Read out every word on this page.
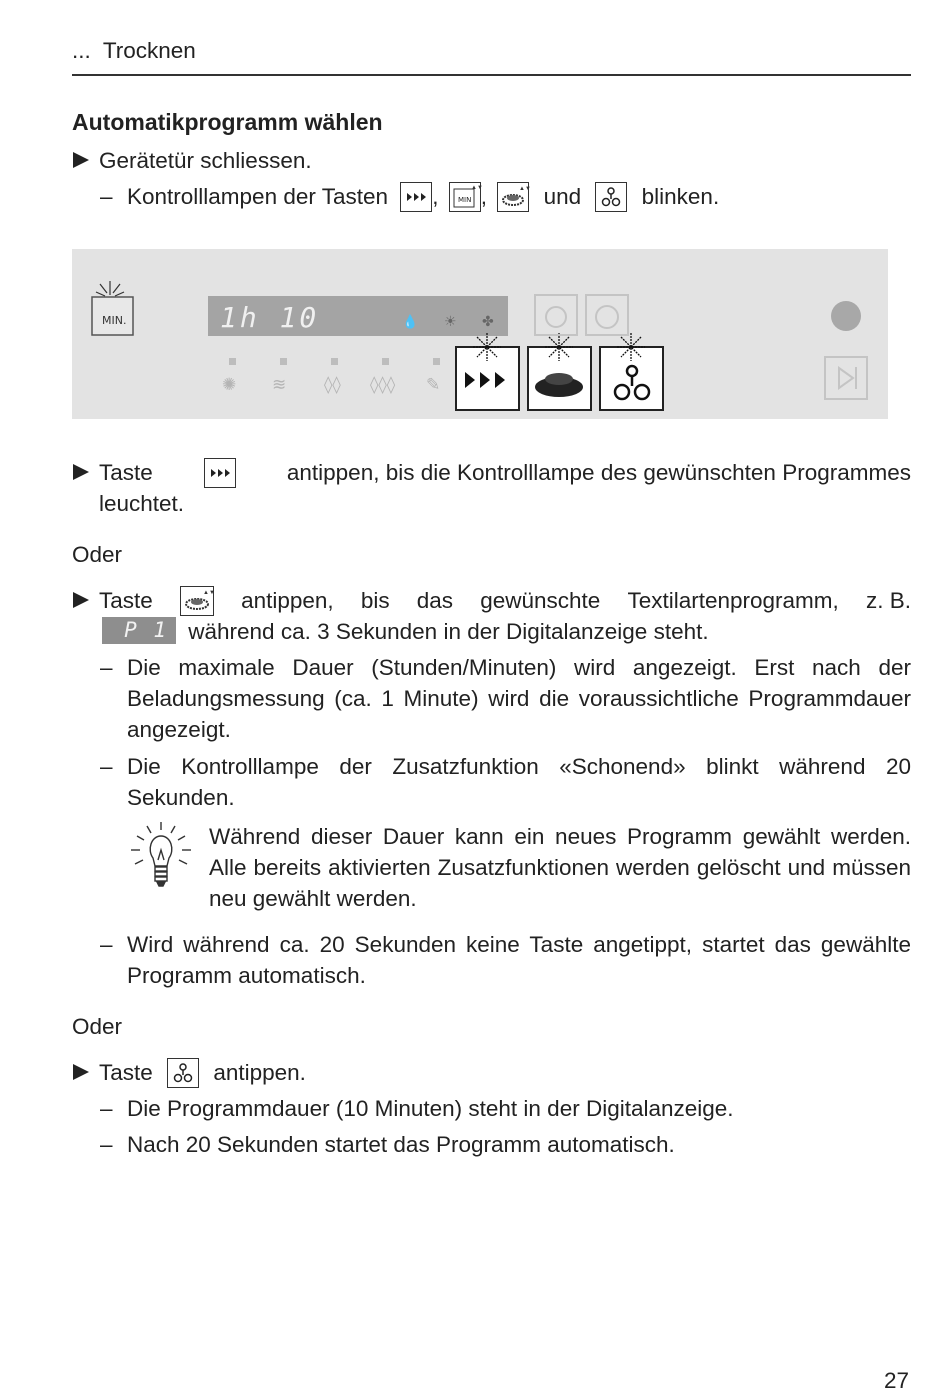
...  Trocknen
Automatikprogramm wählen
Gerätetür schliessen.
– Kontrolllampen der Tasten , MIN
▲▼
,	▲▼ und	blinken.
MIN.	1h 10	💧 ☀ ✤
✺ ≋ ◊◊ ◊◊◊ ✎
Taste	antippen, bis die Kontrolllampe des gewünschten Programmes
leuchtet.
Oder
Taste	▲▼ antippen, bis das gewünschte Textilartenprogramm, z. B.
P 1 während ca. 3 Sekunden in der Digitalanzeige steht.
– Die maximale Dauer (Stunden/Minuten) wird angezeigt. Erst nach der Beladungsmessung (ca. 1 Minute) wird die voraussichtliche Programmdauer angezeigt.
– Die Kontrolllampe der Zusatzfunktion «Schonend» blinkt während 20 Sekunden.
Während dieser Dauer kann ein neues Programm gewählt werden. Alle bereits aktivierten Zusatzfunktionen werden gelöscht und müssen neu gewählt werden.
– Wird während ca. 20 Sekunden keine Taste angetippt, startet das gewählte Programm automatisch.
Oder
Taste	antippen.
– Die Programmdauer (10 Minuten) steht in der Digitalanzeige.
– Nach 20 Sekunden startet das Programm automatisch.
27
